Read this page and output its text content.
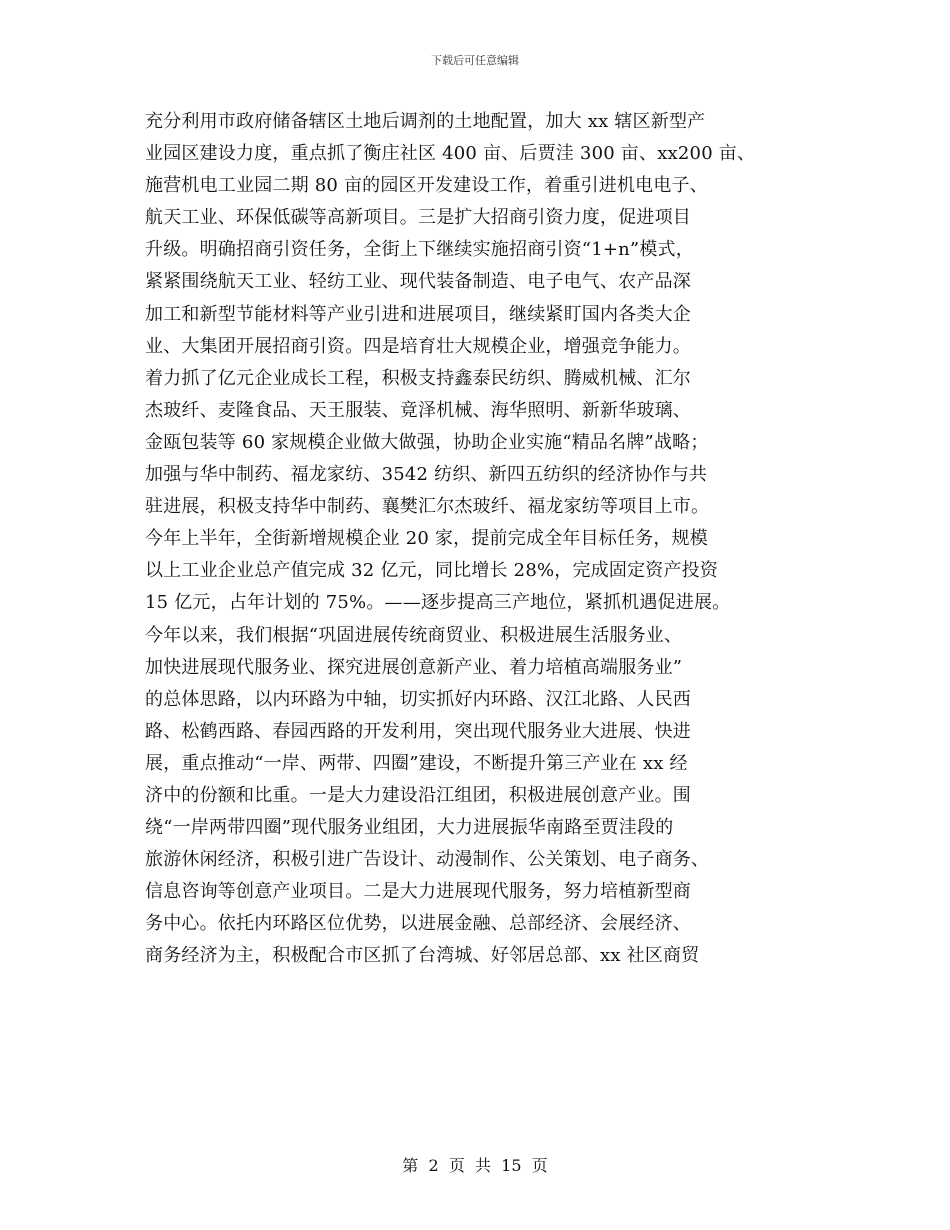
下载后可任意编辑
充分利用市政府储备辖区土地后调剂的土地配置，加大 xx 辖区新型产
业园区建设力度，重点抓了衡庄社区 400 亩、后贾洼 300 亩、xx200 亩、
施营机电工业园二期 80 亩的园区开发建设工作，着重引进机电电子、
航天工业、环保低碳等高新项目。三是扩大招商引资力度，促进项目
升级。明确招商引资任务，全街上下继续实施招商引资“1+n”模式，
紧紧围绕航天工业、轻纺工业、现代装备制造、电子电气、农产品深
加工和新型节能材料等产业引进和进展项目，继续紧盯国内各类大企
业、大集团开展招商引资。四是培育壮大规模企业，增强竞争能力。
着力抓了亿元企业成长工程，积极支持鑫泰民纺织、腾威机械、汇尔
杰玻纤、麦隆食品、天王服装、竟泽机械、海华照明、新新华玻璃、
金瓯包装等 60 家规模企业做大做强，协助企业实施“精品名牌”战略；
加强与华中制药、福龙家纺、3542 纺织、新四五纺织的经济协作与共
驻进展，积极支持华中制药、襄樊汇尔杰玻纤、福龙家纺等项目上市。
今年上半年，全街新增规模企业 20 家，提前完成全年目标任务，规模
以上工业企业总产值完成 32 亿元，同比增长 28%，完成固定资产投资
15 亿元，占年计划的 75%。——逐步提高三产地位，紧抓机遇促进展。
今年以来，我们根据“巩固进展传统商贸业、积极进展生活服务业、
加快进展现代服务业、探究进展创意新产业、着力培植高端服务业”
的总体思路，以内环路为中轴，切实抓好内环路、汉江北路、人民西
路、松鹤西路、春园西路的开发利用，突出现代服务业大进展、快进
展，重点推动“一岸、两带、四圈”建设，不断提升第三产业在 xx 经
济中的份额和比重。一是大力建设沿江组团，积极进展创意产业。围
绕“一岸两带四圈”现代服务业组团，大力进展振华南路至贾洼段的
旅游休闲经济，积极引进广告设计、动漫制作、公关策划、电子商务、
信息咨询等创意产业项目。二是大力进展现代服务，努力培植新型商
务中心。依托内环路区位优势，以进展金融、总部经济、会展经济、
商务经济为主，积极配合市区抓了台湾城、好邻居总部、xx 社区商贸
第  2  页  共  15  页
